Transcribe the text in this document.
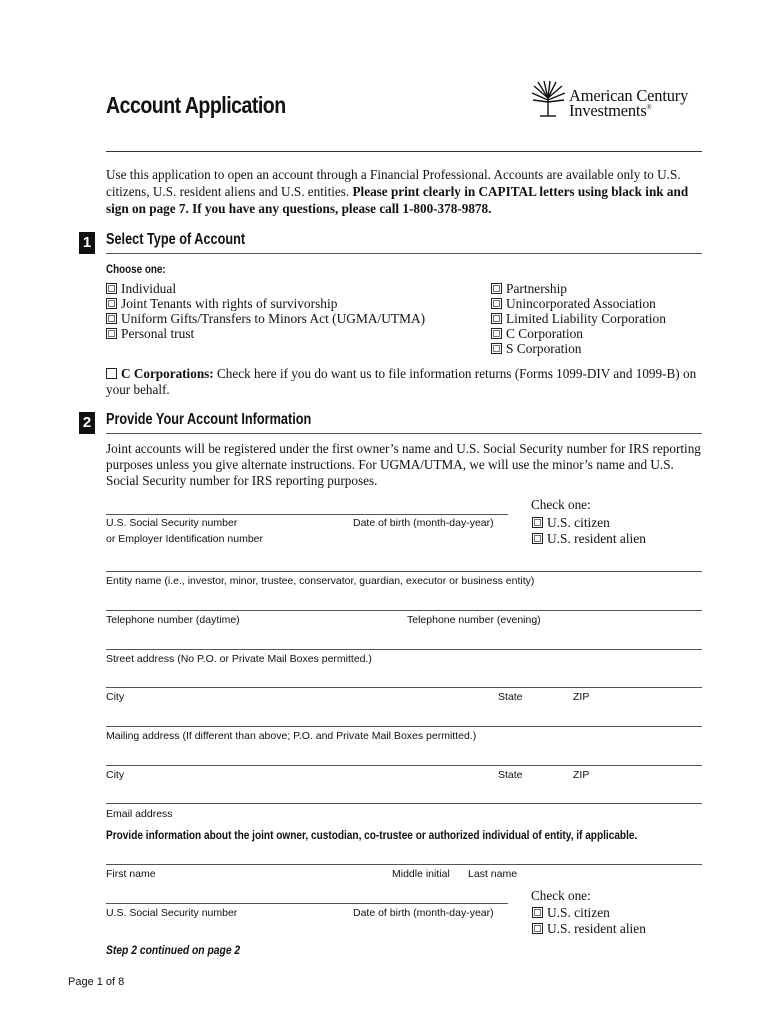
Account Application	American Century
Investments®
Use this application to open an account through a Financial Professional. Accounts are available only to U.S. citizens, U.S. resident aliens and U.S. entities. Please print clearly in CAPITAL letters using black ink and sign on page 7. If you have any questions, please call 1-800-378-9878.
1 Select Type of Account
Choose one:
Individual
Joint Tenants with rights of survivorship
Uniform Gifts/Transfers to Minors Act (UGMA/UTMA)
Personal trust
Partnership
Unincorporated Association
Limited Liability Corporation
C Corporation
S Corporation
C Corporations: Check here if you do want us to file information returns (Forms 1099-DIV and 1099-B) on your behalf.
2 Provide Your Account Information
Joint accounts will be registered under the first owner’s name and U.S. Social Security number for IRS reporting purposes unless you give alternate instructions. For UGMA/UTMA, we will use the minor’s name and U.S. Social Security number for IRS reporting purposes.
Check one:
U.S. Social Security number
or Employer Identification number
Date of birth (month-day-year)	U.S. citizen
U.S. resident alien
Entity name (i.e., investor, minor, trustee, conservator, guardian, executor or business entity)
Telephone number (daytime)	Telephone number (evening)
Street address (No P.O. or Private Mail Boxes permitted.)
City	State	ZIP
Mailing address (If different than above; P.O. and Private Mail Boxes permitted.)
City	State	ZIP
Email address
Provide information about the joint owner, custodian, co-trustee or authorized individual of entity, if applicable.
First name	Middle initial Last name
Check one:
U.S. Social Security number	Date of birth (month-day-year)	U.S. citizen
U.S. resident alien
Step 2 continued on page 2
Page 1 of 8
